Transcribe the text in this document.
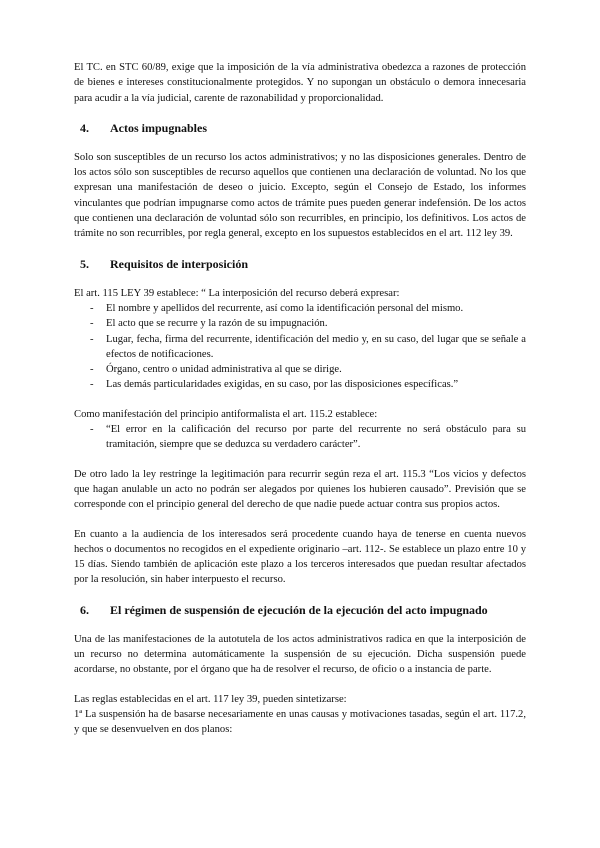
El TC. en STC 60/89, exige que la imposición de la vía administrativa obedezca a razones de protección de bienes e intereses constitucionalmente protegidos. Y no supongan un obstáculo o demora innecesaria para acudir a la vía judicial, carente de razonabilidad y proporcionalidad.

4.	Actos impugnables

Solo son susceptibles de un recurso los actos administrativos; y no las disposiciones generales. Dentro de los actos sólo son susceptibles de recurso aquellos que contienen una declaración de voluntad. No los que expresan una manifestación de deseo o juicio. Excepto, según el Consejo de Estado, los informes vinculantes que podrían impugnarse como actos de trámite pues pueden generar indefensión. De los actos que contienen una declaración de voluntad sólo son recurribles, en principio, los definitivos. Los actos de trámite no son recurribles, por regla general, excepto en los supuestos establecidos en el art. 112 ley 39.

5.	Requisitos de interposición

El art. 115 LEY 39 establece: “ La interposición del recurso deberá expresar:

-	El nombre y apellidos del recurrente, así como la identificación personal del mismo.
-	El acto que se recurre y la razón de su impugnación.
-	Lugar, fecha, firma del recurrente, identificación del medio y, en su caso, del lugar que se señale a efectos de notificaciones.
-	Órgano, centro o unidad administrativa al que se dirige.
-	Las demás particularidades exigidas, en su caso, por las disposiciones específicas.”

Como manifestación del principio antiformalista el art. 115.2 establece:

-	“El error en la calificación del recurso por parte del recurrente no será obstáculo para su tramitación, siempre que se deduzca su verdadero carácter”.

De otro lado la ley restringe la legitimación para recurrir según reza el art. 115.3 “Los vicios y defectos que hagan anulable un acto no podrán ser alegados por quienes los hubieren causado”. Previsión que se corresponde con el principio general del derecho de que nadie puede actuar contra sus propios actos.

En cuanto a la audiencia de los interesados será procedente cuando haya de tenerse en cuenta nuevos hechos o documentos no recogidos en el expediente originario –art. 112-. Se establece un plazo entre 10 y 15 días. Siendo también de aplicación este plazo a los terceros interesados que puedan resultar afectados por la resolución, sin haber interpuesto el recurso.

6.	El régimen de suspensión de ejecución de la ejecución del acto impugnado

Una de las manifestaciones de la autotutela de los actos administrativos radica en que la interposición de un recurso no determina automáticamente la suspensión de su ejecución. Dicha suspensión puede acordarse, no obstante, por el órgano que ha de resolver el recurso, de oficio o a instancia de parte.

Las reglas establecidas en el art. 117 ley 39, pueden sintetizarse:

1ª La suspensión ha de basarse necesariamente en unas causas y motivaciones tasadas, según el art. 117.2, y que se desenvuelven en dos planos:
